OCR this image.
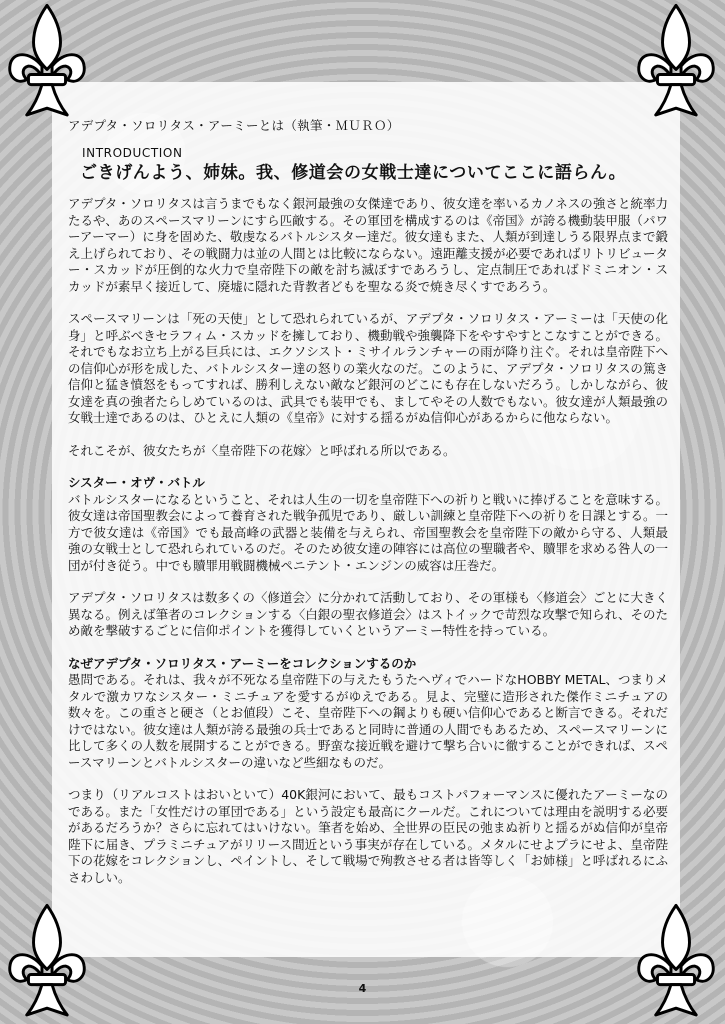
アデプタ・ソロリタス・アーミーとは（執筆・ＭＵＲＯ）

INTRODUCTION

ごきげんよう、姉妹。我、修道会の女戦士達についてここに語らん。

アデプタ・ソロリタスは言うまでもなく銀河最強の女傑達であり、彼女達を率いるカノネスの強さと統率力たるや、あのスペースマリーンにすら匹敵する。その軍団を構成するのは《帝国》が誇る機動装甲服（パワーアーマー）に身を固めた、敬虔なるバトルシスター達だ。彼女達もまた、人類が到達しうる限界点まで鍛え上げられており、その戦闘力は並の人間とは比較にならない。遠距離支援が必要であればリトリビューター・スカッドが圧倒的な火力で皇帝陛下の敵を討ち滅ぼすであろうし、定点制圧であればドミニオン・スカッドが素早く接近して、廃墟に隠れた背教者どもを聖なる炎で焼き尽くすであろう。

スペースマリーンは「死の天使」として恐れられているが、アデプタ・ソロリタス・アーミーは「天使の化身」と呼ぶべきセラフィム・スカッドを擁しており、機動戦や強襲降下をやすやすとこなすことができる。それでもなお立ち上がる巨兵には、エクソシスト・ミサイルランチャーの雨が降り注ぐ。それは皇帝陛下への信仰心が形を成した、バトルシスター達の怒りの業火なのだ。このように、アデプタ・ソロリタスの篤き信仰と猛き憤怒をもってすれば、勝利しえない敵など銀河のどこにも存在しないだろう。しかしながら、彼女達を真の強者たらしめているのは、武具でも装甲でも、ましてやその人数でもない。彼女達が人類最強の女戦士達であるのは、ひとえに人類の《皇帝》に対する揺るがぬ信仰心があるからに他ならない。

それこそが、彼女たちが〈皇帝陛下の花嫁〉と呼ばれる所以である。

シスター・オヴ・バトル

バトルシスターになるということ、それは人生の一切を皇帝陛下への祈りと戦いに捧げることを意味する。彼女達は帝国聖教会によって養育された戦争孤児であり、厳しい訓練と皇帝陛下への祈りを日課とする。一方で彼女達は《帝国》でも最高峰の武器と装備を与えられ、帝国聖教会を皇帝陛下の敵から守る、人類最強の女戦士として恐れられているのだ。そのため彼女達の陣容には高位の聖職者や、贖罪を求める咎人の一団が付き従う。中でも贖罪用戦闘機械ペニテント・エンジンの威容は圧巻だ。

アデプタ・ソロリタスは数多くの〈修道会〉に分かれて活動しており、その軍様も〈修道会〉ごとに大きく異なる。例えば筆者のコレクションする〈白銀の聖衣修道会〉はストイックで苛烈な攻撃で知られ、そのため敵を撃破するごとに信仰ポイントを獲得していくというアーミー特性を持っている。

なぜアデプタ・ソロリタス・アーミーをコレクションするのか

愚問である。それは、我々が不死なる皇帝陛下の与えたもうたヘヴィでハードなHOBBY METAL、つまりメタルで激カワなシスター・ミニチュアを愛するがゆえである。見よ、完璧に造形された傑作ミニチュアの数々を。この重さと硬さ（とお値段）こそ、皇帝陛下への鋼よりも硬い信仰心であると断言できる。それだけではない。彼女達は人類が誇る最強の兵士であると同時に普通の人間でもあるため、スペースマリーンに比して多くの人数を展開することができる。野蛮な接近戦を避けて撃ち合いに徹することができれば、スペースマリーンとバトルシスターの違いなど些細なものだ。

つまり（リアルコストはおいといて）40K銀河において、最もコストパフォーマンスに優れたアーミーなのである。また「女性だけの軍団である」という設定も最高にクールだ。これについては理由を説明する必要があるだろうか？さらに忘れてはいけない。筆者を始め、全世界の臣民の弛まぬ祈りと揺るがぬ信仰が皇帝陛下に届き、プラミニチュアがリリース間近という事実が存在している。メタルにせよプラにせよ、皇帝陛下の花嫁をコレクションし、ペイントし、そして戦場で殉教させる者は皆等しく「お姉様」と呼ばれるにふさわしい。

4
